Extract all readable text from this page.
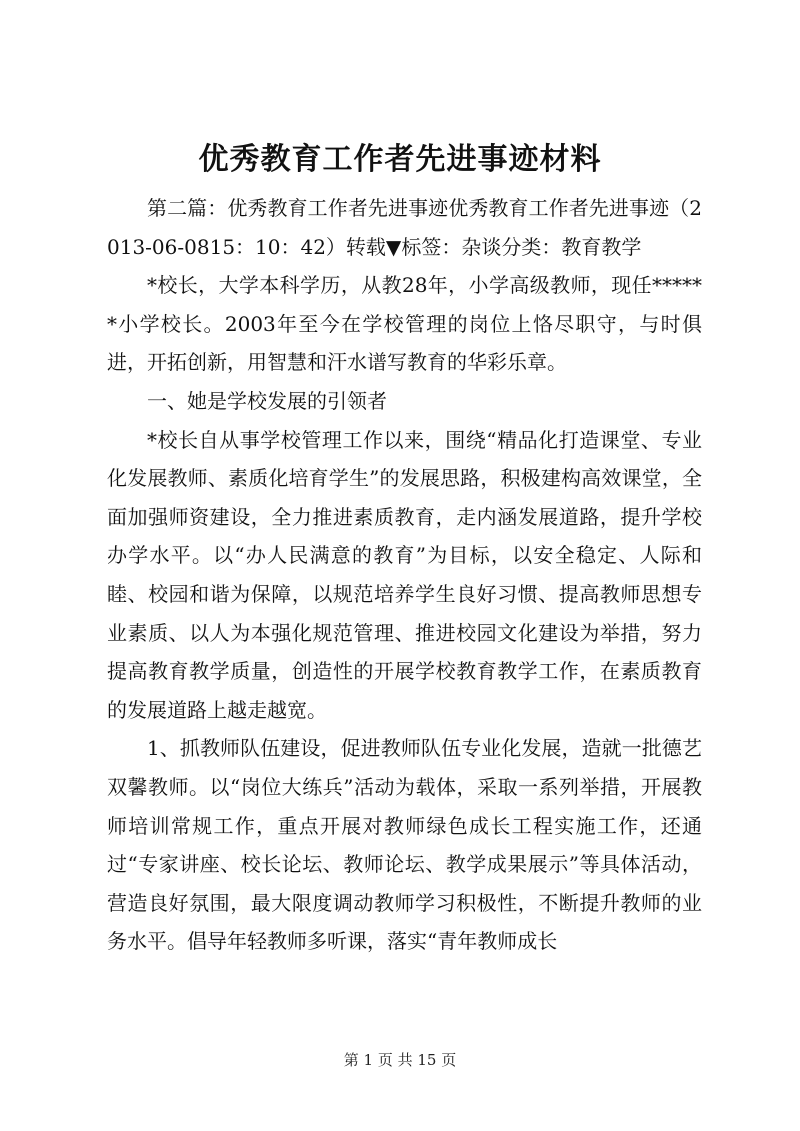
优秀教育工作者先进事迹材料

第二篇：优秀教育工作者先进事迹优秀教育工作者先进事迹（2013-06-0815：10：42）转载▼标签：杂谈分类：教育教学

*校长，大学本科学历，从教28年，小学高级教师，现任******小学校长。2003年至今在学校管理的岗位上恪尽职守，与时俱进，开拓创新，用智慧和汗水谱写教育的华彩乐章。

一、她是学校发展的引领者

*校长自从事学校管理工作以来，围绕“精品化打造课堂、专业化发展教师、素质化培育学生”的发展思路，积极建构高效课堂，全面加强师资建设，全力推进素质教育，走内涵发展道路，提升学校办学水平。以“办人民满意的教育”为目标，以安全稳定、人际和睦、校园和谐为保障，以规范培养学生良好习惯、提高教师思想专业素质、以人为本强化规范管理、推进校园文化建设为举措，努力提高教育教学质量，创造性的开展学校教育教学工作，在素质教育的发展道路上越走越宽。

1、抓教师队伍建设，促进教师队伍专业化发展，造就一批德艺双馨教师。以“岗位大练兵”活动为载体，采取一系列举措，开展教师培训常规工作，重点开展对教师绿色成长工程实施工作，还通过“专家讲座、校长论坛、教师论坛、教学成果展示”等具体活动，营造良好氛围，最大限度调动教师学习积极性，不断提升教师的业务水平。倡导年轻教师多听课，落实“青年教师成长

第 1 页 共 15 页
